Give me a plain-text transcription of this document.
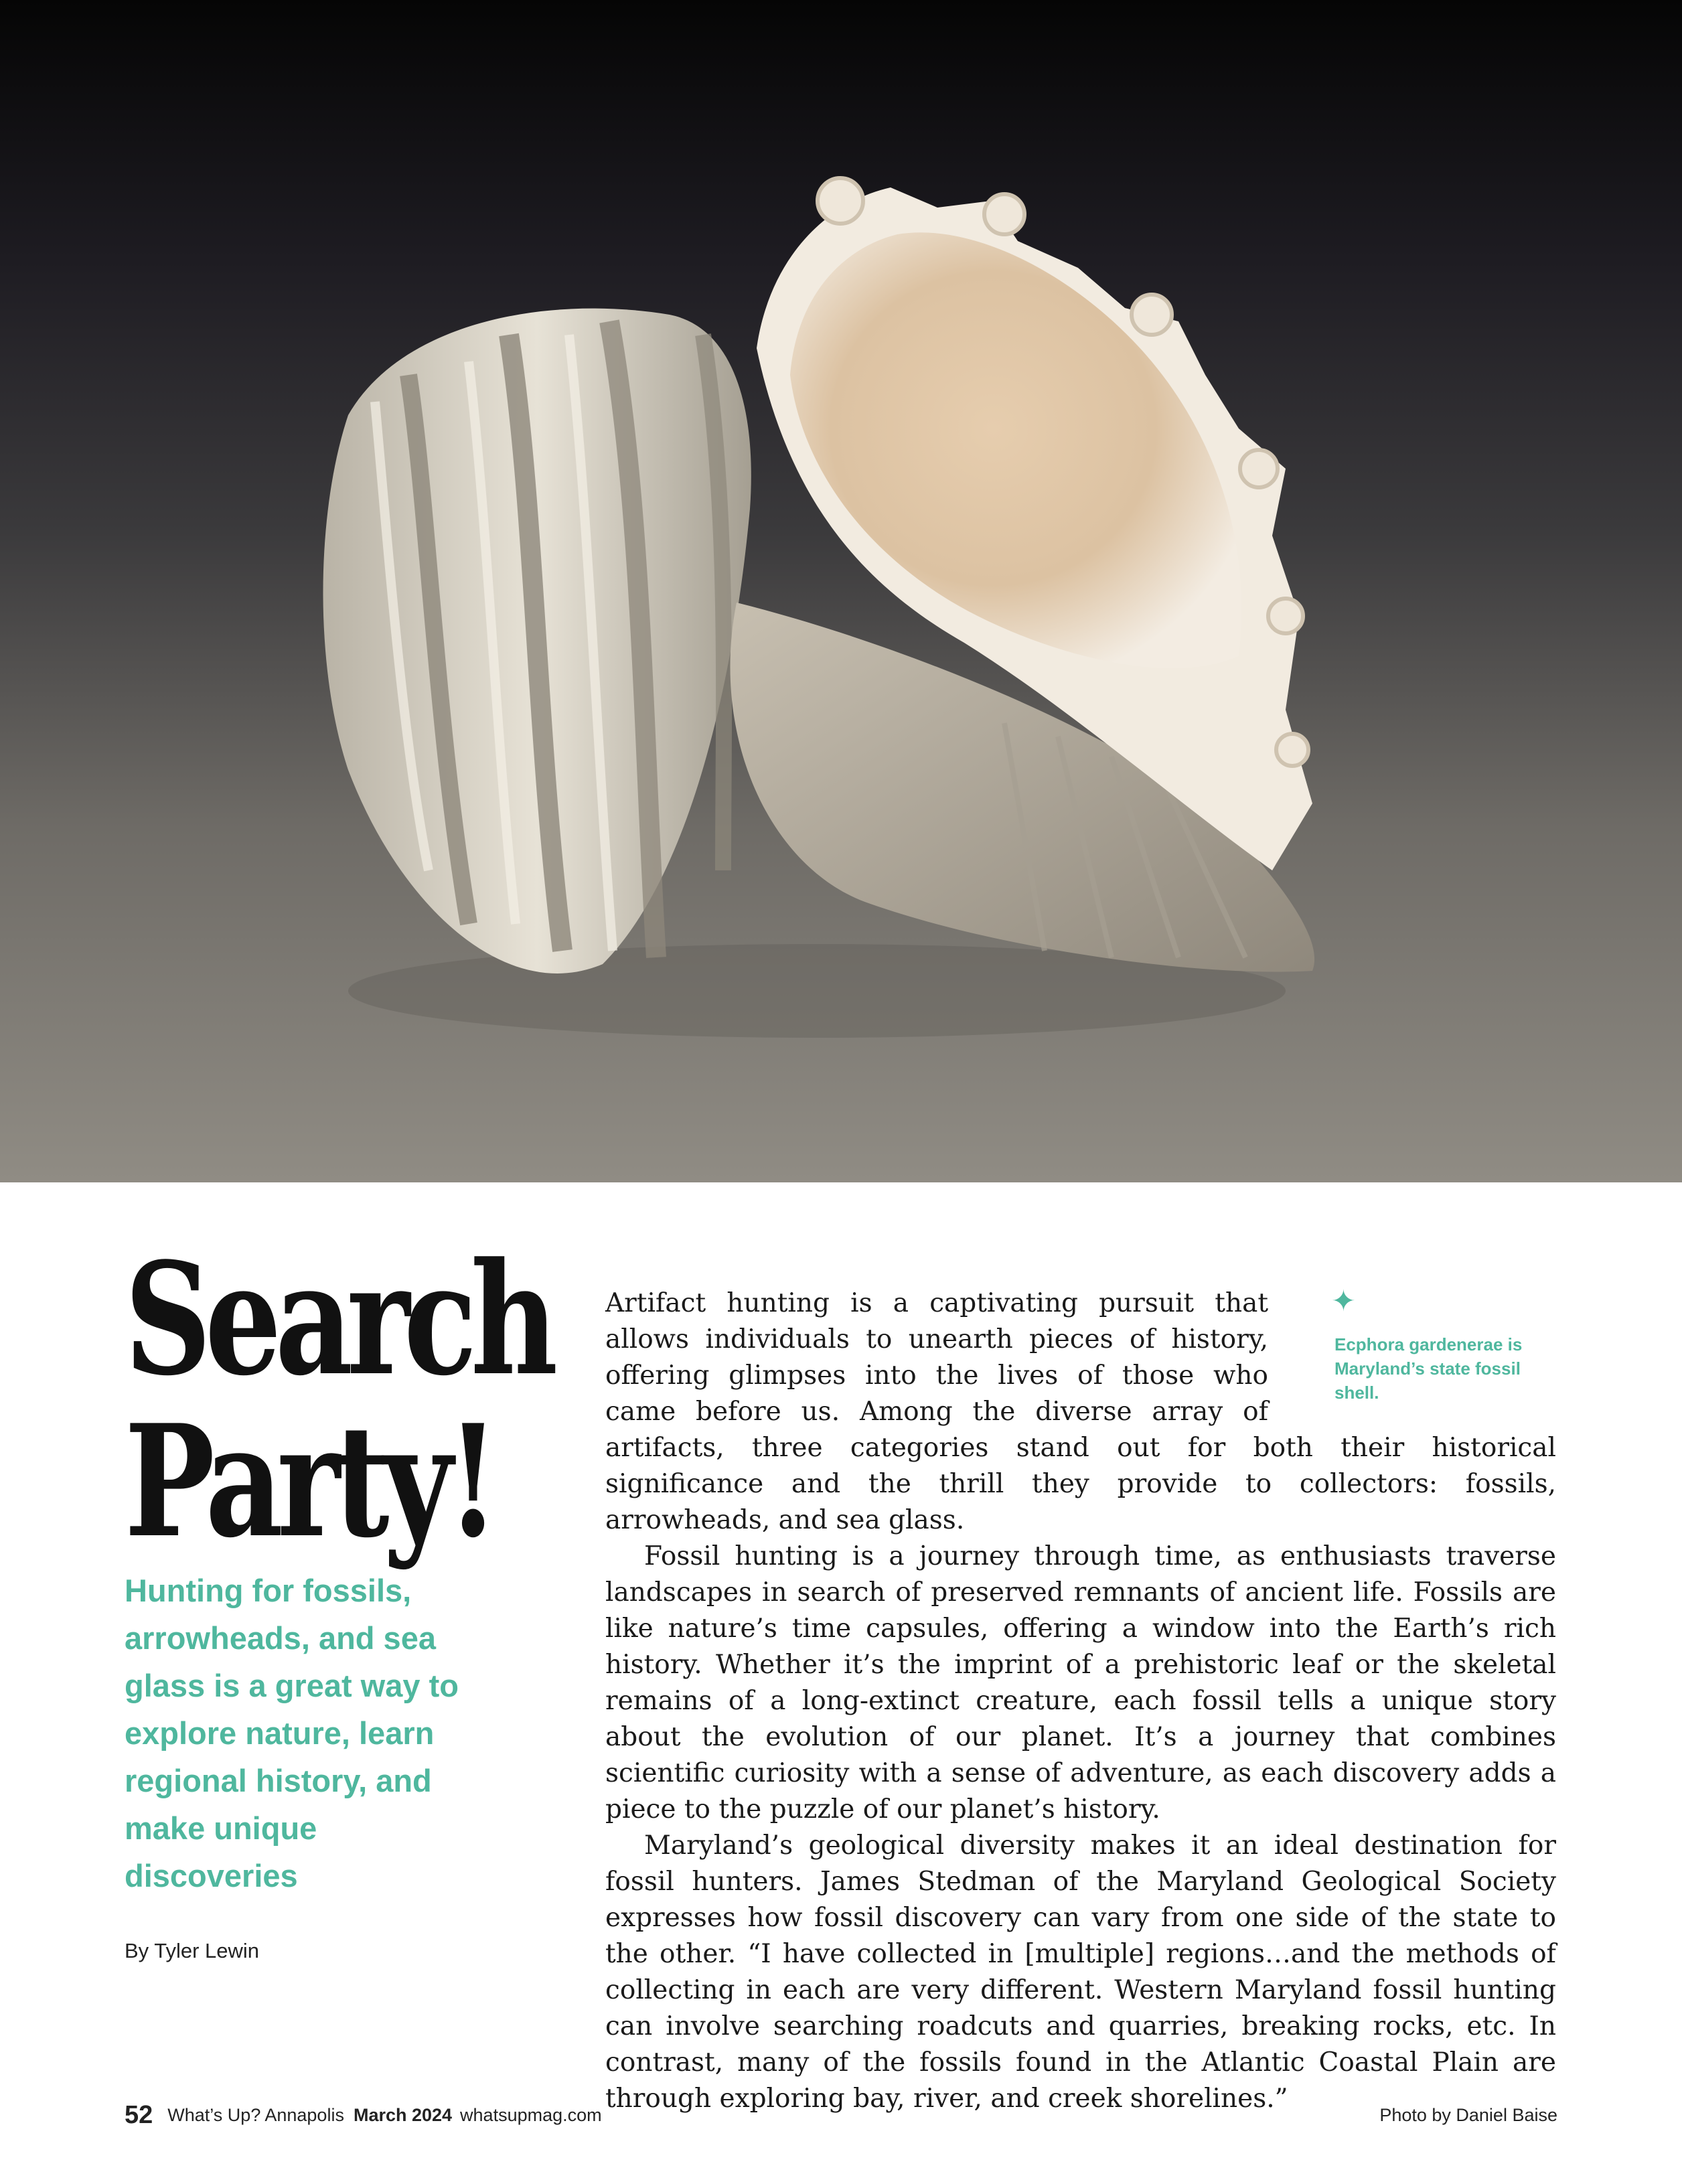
Search
Party!
Hunting for fossils, arrowheads, and sea glass is a great way to explore nature, learn regional history, and make unique discoveries
By Tyler Lewin
✦
Ecphora gardenerae is Maryland’s state fossil shell.

Artifact hunting is a captivating pursuit that allows individuals to unearth pieces of history, offering glimpses into the lives of those who came before us. Among the diverse array of artifacts, three categories stand out for both their historical significance and the thrill they provide to collectors: fossils, arrowheads, and sea glass.

Fossil hunting is a journey through time, as enthusiasts traverse landscapes in search of preserved remnants of ancient life. Fossils are like nature’s time capsules, offering a window into the Earth’s rich history. Whether it’s the imprint of a prehistoric leaf or the skeletal remains of a long-extinct creature, each fossil tells a unique story about the evolution of our planet. It’s a journey that combines scientific curiosity with a sense of adventure, as each discovery adds a piece to the puzzle of our planet’s history.

Maryland’s geological diversity makes it an ideal destination for fossil hunters. James Stedman of the Maryland Geological Society expresses how fossil discovery can vary from one side of the state to the other. “I have collected in [multiple] regions…and the methods of collecting in each are very different. Western Maryland fossil hunting can involve searching roadcuts and quarries, breaking rocks, etc. In contrast, many of the fossils found in the Atlantic Coastal Plain are through exploring bay, river, and creek shorelines.”

52 What’s Up? Annapolis March 2024 whatsupmag.com	Photo by Daniel Baise
